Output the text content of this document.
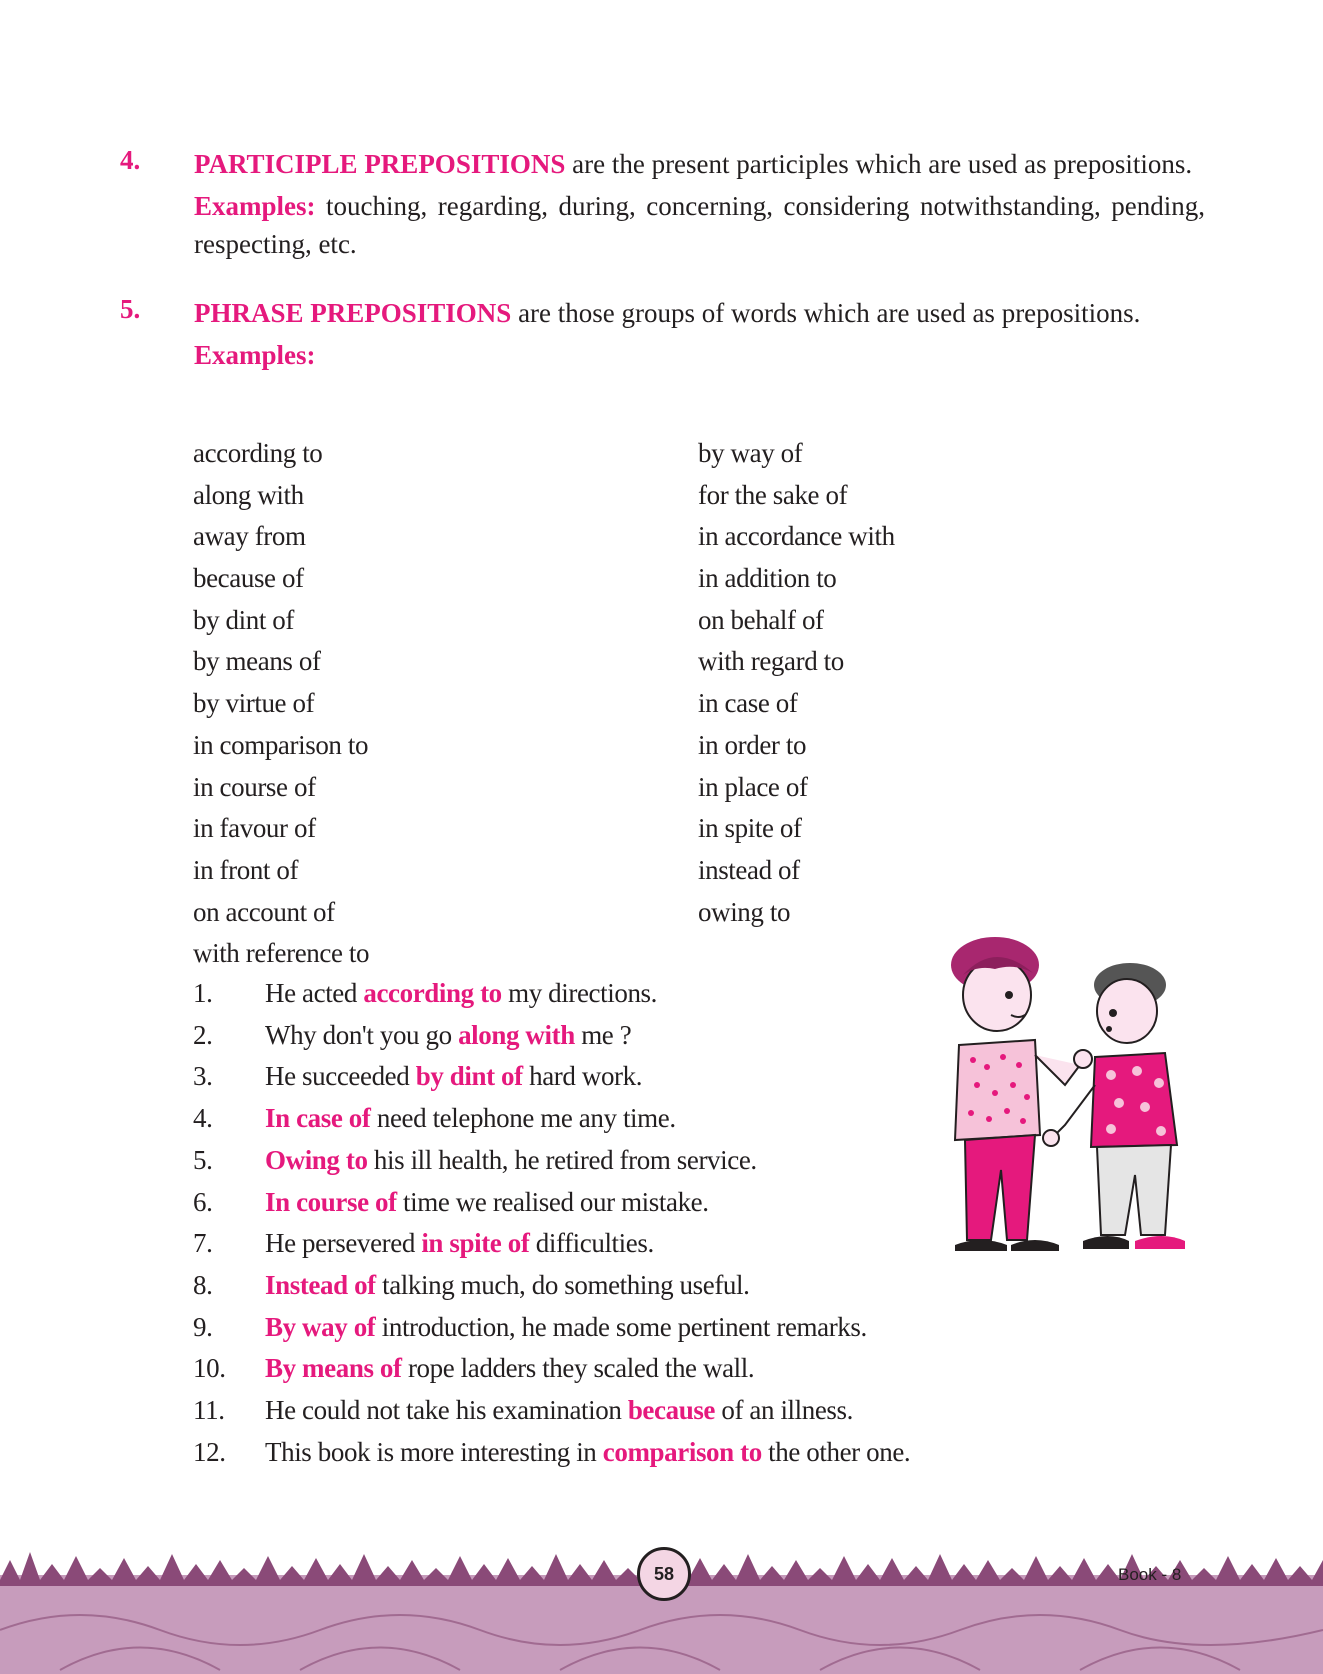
4. PARTICIPLE PREPOSITIONS are the present participles which are used as prepositions.

Examples: touching, regarding, during, concerning, considering notwithstanding, pending, respecting, etc.

5. PHRASE PREPOSITIONS are those groups of words which are used as prepositions.

Examples:

according to
along with
away from
because of
by dint of
by means of
by virtue of
in comparison to
in course of
in favour of
in front of
on account of
with reference to
by way of
for the sake of
in accordance with
in addition to
on behalf of
with regard to
in case of
in order to
in place of
in spite of
instead of
owing to
1. He acted according to my directions.
2. Why don't you go along with me ?
3. He succeeded by dint of hard work.
4. In case of need telephone me any time.
5. Owing to his ill health, he retired from service.
6. In course of time we realised our mistake.
7. He persevered in spite of difficulties.
8. Instead of talking much, do something useful.
9. By way of introduction, he made some pertinent remarks.
10. By means of rope ladders they scaled the wall.
11. He could not take his examination because of an illness.
12. This book is more interesting in comparison to the other one.
58	Book - 8
